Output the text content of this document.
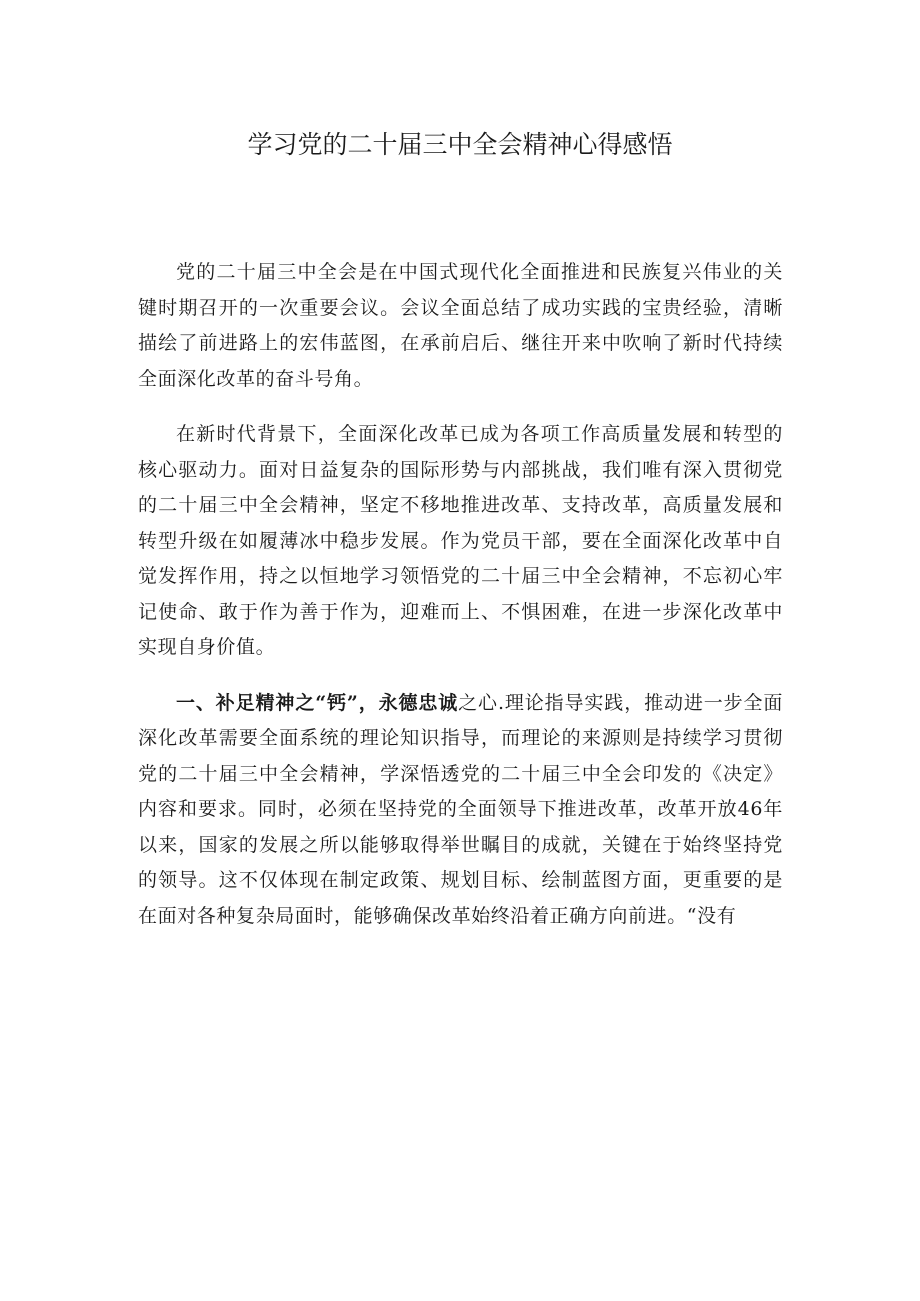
学习党的二十届三中全会精神心得感悟

党的二十届三中全会是在中国式现代化全面推进和民族复兴伟业的关键时期召开的一次重要会议。会议全面总结了成功实践的宝贵经验，清晰描绘了前进路上的宏伟蓝图，在承前启后、继往开来中吹响了新时代持续全面深化改革的奋斗号角。

在新时代背景下，全面深化改革已成为各项工作高质量发展和转型的核心驱动力。面对日益复杂的国际形势与内部挑战，我们唯有深入贯彻党的二十届三中全会精神，坚定不移地推进改革、支持改革，高质量发展和转型升级在如履薄冰中稳步发展。作为党员干部，要在全面深化改革中自觉发挥作用，持之以恒地学习领悟党的二十届三中全会精神，不忘初心牢记使命、敢于作为善于作为，迎难而上、不惧困难，在进一步深化改革中实现自身价值。

一、补足精神之“钙”，永德忠诚之心.理论指导实践，推动进一步全面深化改革需要全面系统的理论知识指导，而理论的来源则是持续学习贯彻党的二十届三中全会精神，学深悟透党的二十届三中全会印发的《决定》内容和要求。同时，必须在坚持党的全面领导下推进改革，改革开放46年以来，国家的发展之所以能够取得举世瞩目的成就，关键在于始终坚持党的领导。这不仅体现在制定政策、规划目标、绘制蓝图方面，更重要的是在面对各种复杂局面时，能够确保改革始终沿着正确方向前进。“没有
